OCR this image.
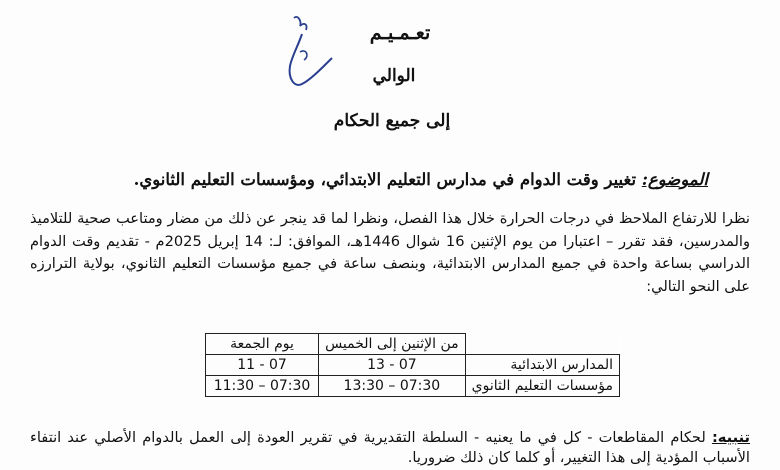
تعـمـيـم
الوالي
إلى جميع الحكام
الموضوع: تغيير وقت الدوام في مدارس التعليم الابتدائي، ومؤسسات التعليم الثانوي.

نظرا للارتفاع الملاحظ في درجات الحرارة خلال هذا الفصل، ونظرا لما قد ينجر عن ذلك من مضار ومتاعب صحية للتلاميذ والمدرسين، فقد تقرر – اعتبارا من يوم الإثنين 16 شوال 1446هـ، الموافق: لـ: 14 إبريل 2025م - تقديم وقت الدوام الدراسي بساعة واحدة في جميع المدارس الابتدائية، وبنصف ساعة في جميع مؤسسات التعليم الثانوي، بولاية الترارزه على النحو التالي:

	من الإثنين إلى الخميس	يوم الجمعة
المدارس الابتدائية	07 - 13	07 - 11
مؤسسات التعليم الثانوي	07:30 – 13:30	07:30 – 11:30
تنبيه: لحكام المقاطعات - كل في ما يعنيه - السلطة التقديرية في تقرير العودة إلى العمل بالدوام الأصلي عند انتفاء الأسباب المؤدية إلى هذا التغيير، أو كلما كان ذلك ضروريا.
